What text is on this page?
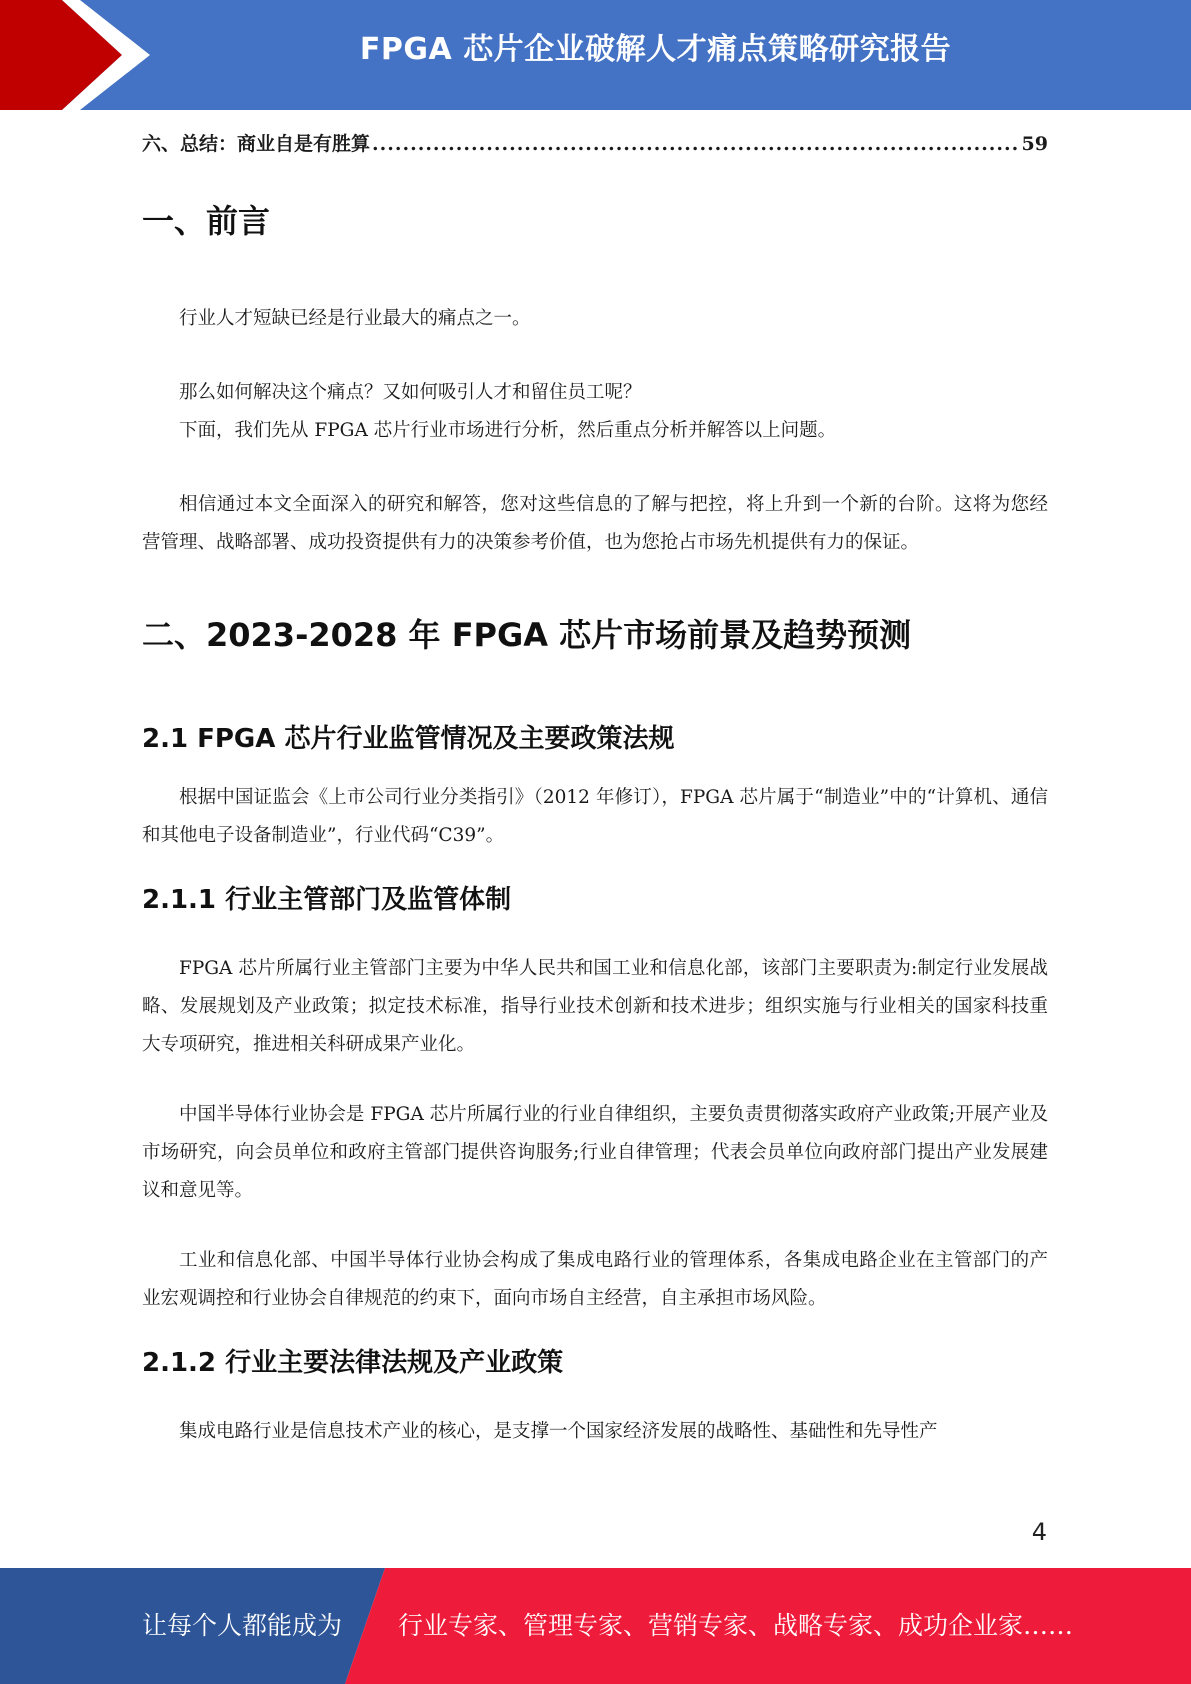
FPGA 芯片企业破解人才痛点策略研究报告
六、总结：商业自是有胜算
.....	59
一、前言

行业人才短缺已经是行业最大的痛点之一。

那么如何解决这个痛点？又如何吸引人才和留住员工呢？

下面，我们先从 FPGA 芯片行业市场进行分析，然后重点分析并解答以上问题。

相信通过本文全面深入的研究和解答，您对这些信息的了解与把控，将上升到一个新的台阶。这将为您经营管理、战略部署、成功投资提供有力的决策参考价值，也为您抢占市场先机提供有力的保证。

二、2023-2028 年 FPGA 芯片市场前景及趋势预测
2.1 FPGA 芯片行业监管情况及主要政策法规

根据中国证监会《上市公司行业分类指引》（2012 年修订），FPGA 芯片属于“制造业”中的“计算机、通信和其他电子设备制造业”，行业代码“C39”。

2.1.1 行业主管部门及监管体制

FPGA 芯片所属行业主管部门主要为中华人民共和国工业和信息化部，该部门主要职责为:制定行业发展战略、发展规划及产业政策；拟定技术标准，指导行业技术创新和技术进步；组织实施与行业相关的国家科技重大专项研究，推进相关科研成果产业化。

中国半导体行业协会是 FPGA 芯片所属行业的行业自律组织，主要负责贯彻落实政府产业政策;开展产业及市场研究，向会员单位和政府主管部门提供咨询服务;行业自律管理；代表会员单位向政府部门提出产业发展建议和意见等。

工业和信息化部、中国半导体行业协会构成了集成电路行业的管理体系，各集成电路企业在主管部门的产业宏观调控和行业协会自律规范的约束下，面向市场自主经营，自主承担市场风险。

2.1.2 行业主要法律法规及产业政策

集成电路行业是信息技术产业的核心，是支撑一个国家经济发展的战略性、基础性和先导性产

4
让每个人都能成为 行业专家、管理专家、营销专家、战略专家、成功企业家……
